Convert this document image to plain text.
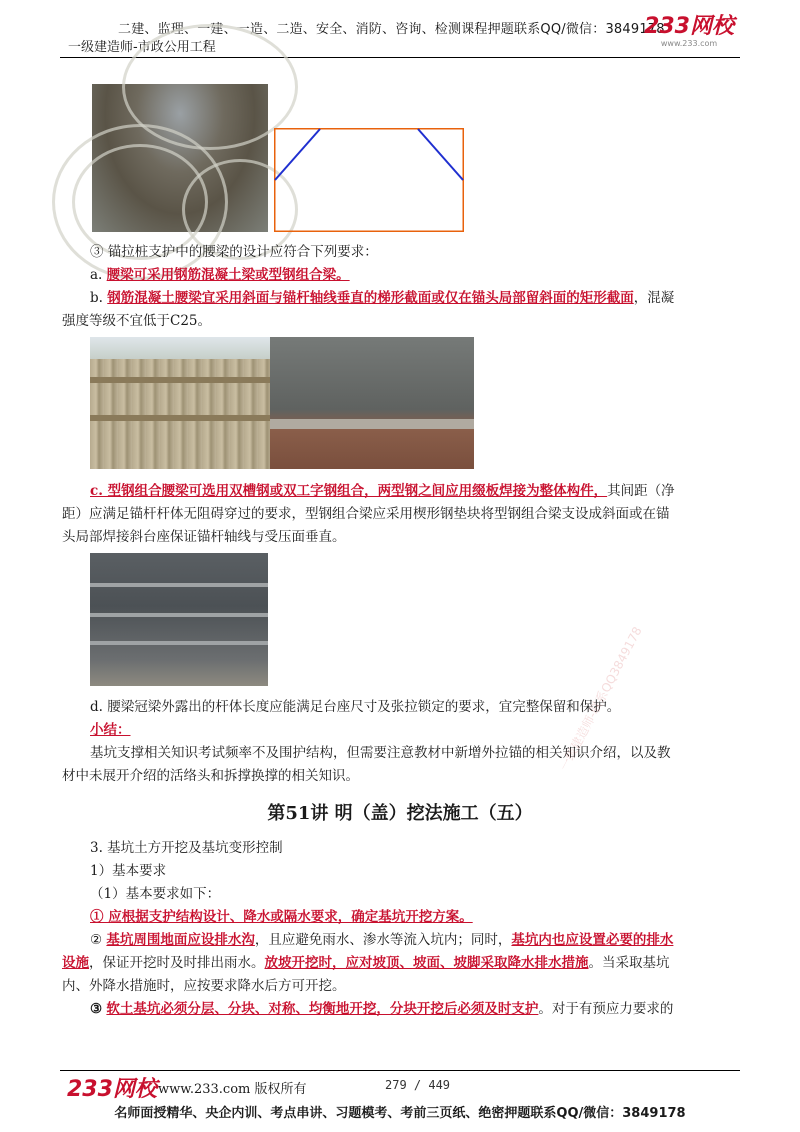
二建、监理、一建、一造、二造、安全、消防、咨询、检测课程押题联系QQ/微信：3849178
一级建造师-市政公用工程
233网校
www.233.com
③ 锚拉桩支护中的腰梁的设计应符合下列要求：
a. 腰梁可采用钢筋混凝土梁或型钢组合梁。
b. 钢筋混凝土腰梁宜采用斜面与锚杆轴线垂直的梯形截面或仅在锚头局部留斜面的矩形截面，混凝
强度等级不宜低于C25。
c. 型钢组合腰梁可选用双槽钢或双工字钢组合，两型钢之间应用缀板焊接为整体构件，其间距（净
距）应满足锚杆杆体无阻碍穿过的要求，型钢组合梁应采用楔形钢垫块将型钢组合梁支设成斜面或在锚
头局部焊接斜台座保证锚杆轴线与受压面垂直。
d. 腰梁冠梁外露出的杆体长度应能满足台座尺寸及张拉锁定的要求，宜完整保留和保护。
小结：
基坑支撑相关知识考试频率不及围护结构，但需要注意教材中新增外拉锚的相关知识介绍，以及教
材中未展开介绍的活络头和拆撑换撑的相关知识。
第51讲 明（盖）挖法施工（五）
3. 基坑土方开挖及基坑变形控制
1）基本要求
（1）基本要求如下：
① 应根据支护结构设计、降水或隔水要求，确定基坑开挖方案。
② 基坑周围地面应设排水沟，且应避免雨水、渗水等流入坑内；同时，基坑内也应设置必要的排水
设施，保证开挖时及时排出雨水。放坡开挖时，应对坡顶、坡面、坡脚采取降水排水措施。当采取基坑
内、外降水措施时，应按要求降水后方可开挖。
③ 软土基坑必须分层、分块、对称、均衡地开挖，分块开挖后必须及时支护。对于有预应力要求的
一级建造师-联系QQ3849178
233网校 www.233.com 版权所有	279 / 449
名师面授精华、央企内训、考点串讲、习题模考、考前三页纸、绝密押题联系QQ/微信：3849178
